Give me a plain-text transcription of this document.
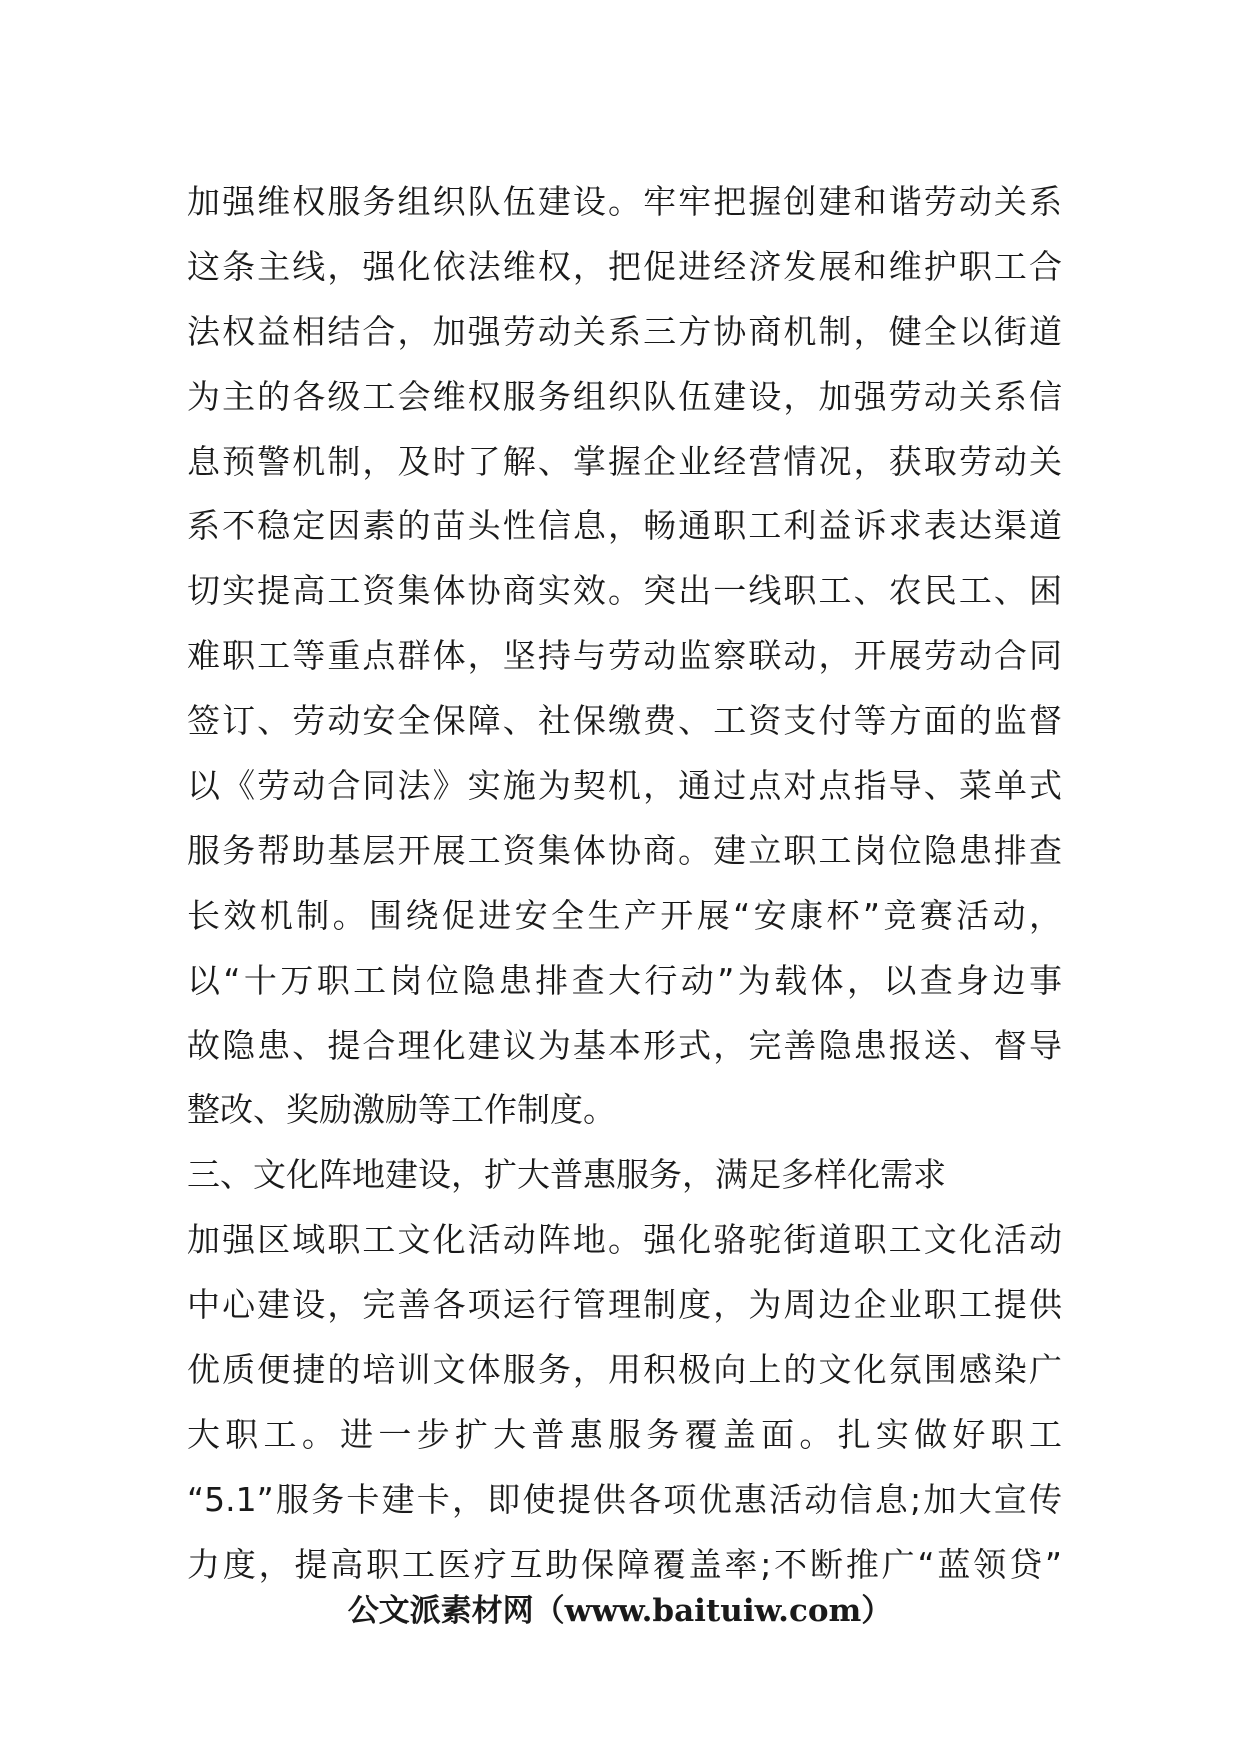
加强维权服务组织队伍建设。牢牢把握创建和谐劳动关系
这条主线，强化依法维权，把促进经济发展和维护职工合
法权益相结合，加强劳动关系三方协商机制，健全以街道
为主的各级工会维权服务组织队伍建设，加强劳动关系信
息预警机制，及时了解、掌握企业经营情况，获取劳动关
系不稳定因素的苗头性信息，畅通职工利益诉求表达渠道
切实提高工资集体协商实效。突出一线职工、农民工、困
难职工等重点群体，坚持与劳动监察联动，开展劳动合同
签订、劳动安全保障、社保缴费、工资支付等方面的监督
以《劳动合同法》实施为契机，通过点对点指导、菜单式
服务帮助基层开展工资集体协商。建立职工岗位隐患排查
长效机制。围绕促进安全生产开展“安康杯”竞赛活动，
以“十万职工岗位隐患排查大行动”为载体，以查身边事
故隐患、提合理化建议为基本形式，完善隐患报送、督导
整改、奖励激励等工作制度。
三、文化阵地建设，扩大普惠服务，满足多样化需求
加强区域职工文化活动阵地。强化骆驼街道职工文化活动
中心建设，完善各项运行管理制度，为周边企业职工提供
优质便捷的培训文体服务，用积极向上的文化氛围感染广
大职工。进一步扩大普惠服务覆盖面。扎实做好职工
“5.1”服务卡建卡，即使提供各项优惠活动信息;加大宣传
力度，提高职工医疗互助保障覆盖率;不断推广“蓝领贷”
公文派素材网（www.baituiw.com）
